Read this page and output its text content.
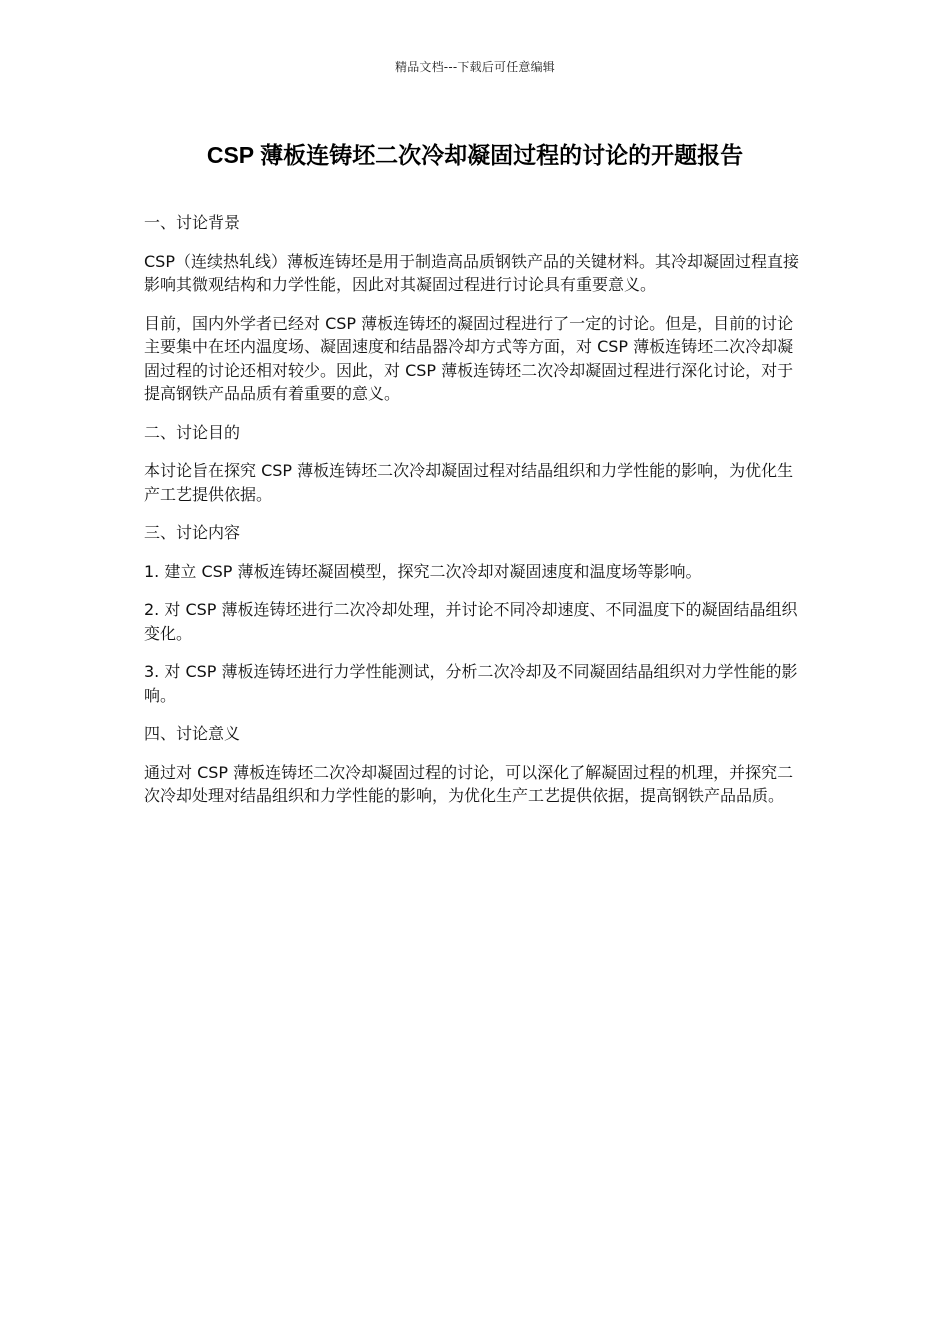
精品文档---下载后可任意编辑
CSP 薄板连铸坯二次冷却凝固过程的讨论的开题报告

一、讨论背景

CSP（连续热轧线）薄板连铸坯是用于制造高品质钢铁产品的关键材料。其冷却凝固过程直接影响其微观结构和力学性能，因此对其凝固过程进行讨论具有重要意义。

目前，国内外学者已经对 CSP 薄板连铸坯的凝固过程进行了一定的讨论。但是，目前的讨论主要集中在坯内温度场、凝固速度和结晶器冷却方式等方面，对 CSP 薄板连铸坯二次冷却凝固过程的讨论还相对较少。因此，对 CSP 薄板连铸坯二次冷却凝固过程进行深化讨论，对于提高钢铁产品品质有着重要的意义。

二、讨论目的

本讨论旨在探究 CSP 薄板连铸坯二次冷却凝固过程对结晶组织和力学性能的影响，为优化生产工艺提供依据。

三、讨论内容

1. 建立 CSP 薄板连铸坯凝固模型，探究二次冷却对凝固速度和温度场等影响。

2. 对 CSP 薄板连铸坯进行二次冷却处理，并讨论不同冷却速度、不同温度下的凝固结晶组织变化。

3. 对 CSP 薄板连铸坯进行力学性能测试，分析二次冷却及不同凝固结晶组织对力学性能的影响。

四、讨论意义

通过对 CSP 薄板连铸坯二次冷却凝固过程的讨论，可以深化了解凝固过程的机理，并探究二次冷却处理对结晶组织和力学性能的影响，为优化生产工艺提供依据，提高钢铁产品品质。
